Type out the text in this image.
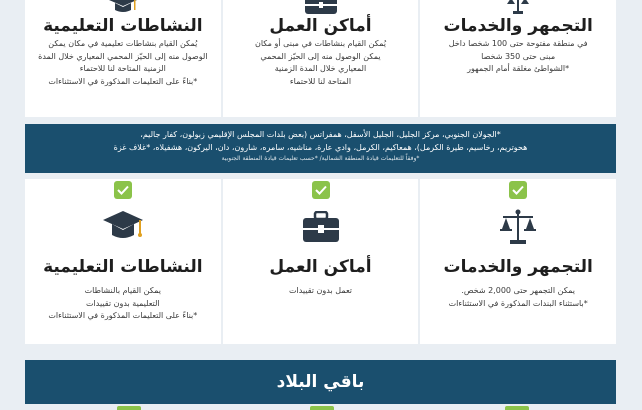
التجمهر والخدمات
في منطقة مفتوحة حتى 100 شخصا داخل
مبنى حتى 350 شخصا
*الشواطئ مغلقة أمام الجمهور
أماكن العمل
يُمكن القيام بنشاطات في مبنى أو مكان
يمكن الوصول منه إلى الحيّز المحمي
المعياري خلال المدة الزمنية
المتاحة لنا للاحتماء
النشاطات التعليمية
يُمكن القيام بنشاطات تعليمية في مكان يمكن
الوصول منه إلى الحيّز المحمي المعياري خلال المدة
الزمنية المتاحة لنا للاحتماء
*بناءً على التعليمات المذكورة في الاستثناءات
*الجولان الجنوبي، مركز الجليل، الجليل الأسفل، همفراتس (بعض بلدات المجلس الإقليمي زبولون، كفار جاليم،
هحوتريم، رخاسيم، طيرة الكرمل)، همعاكيم، الكرمل، وادي عارة، مناشيه، سامره، شارون، دان، اليركون، هشفيلاه، *غلاف غزة
*وفقاً للتعليمات قيادة المنطقة الشمالية/ *حسب تعليمات قيادة المنطقة الجنوبية
التجمهر والخدمات
يمكن التجمهر حتى 2,000 شخص.
*باستثناء البندات المذكورة في الاستثناءات
أماكن العمل
تعمل بدون تقييدات
النشاطات التعليمية
يمكن القيام بالنشاطات
التعليمية بدون تقييدات
*بناءً على التعليمات المذكورة في الاستثناءات
باقي البلاد
